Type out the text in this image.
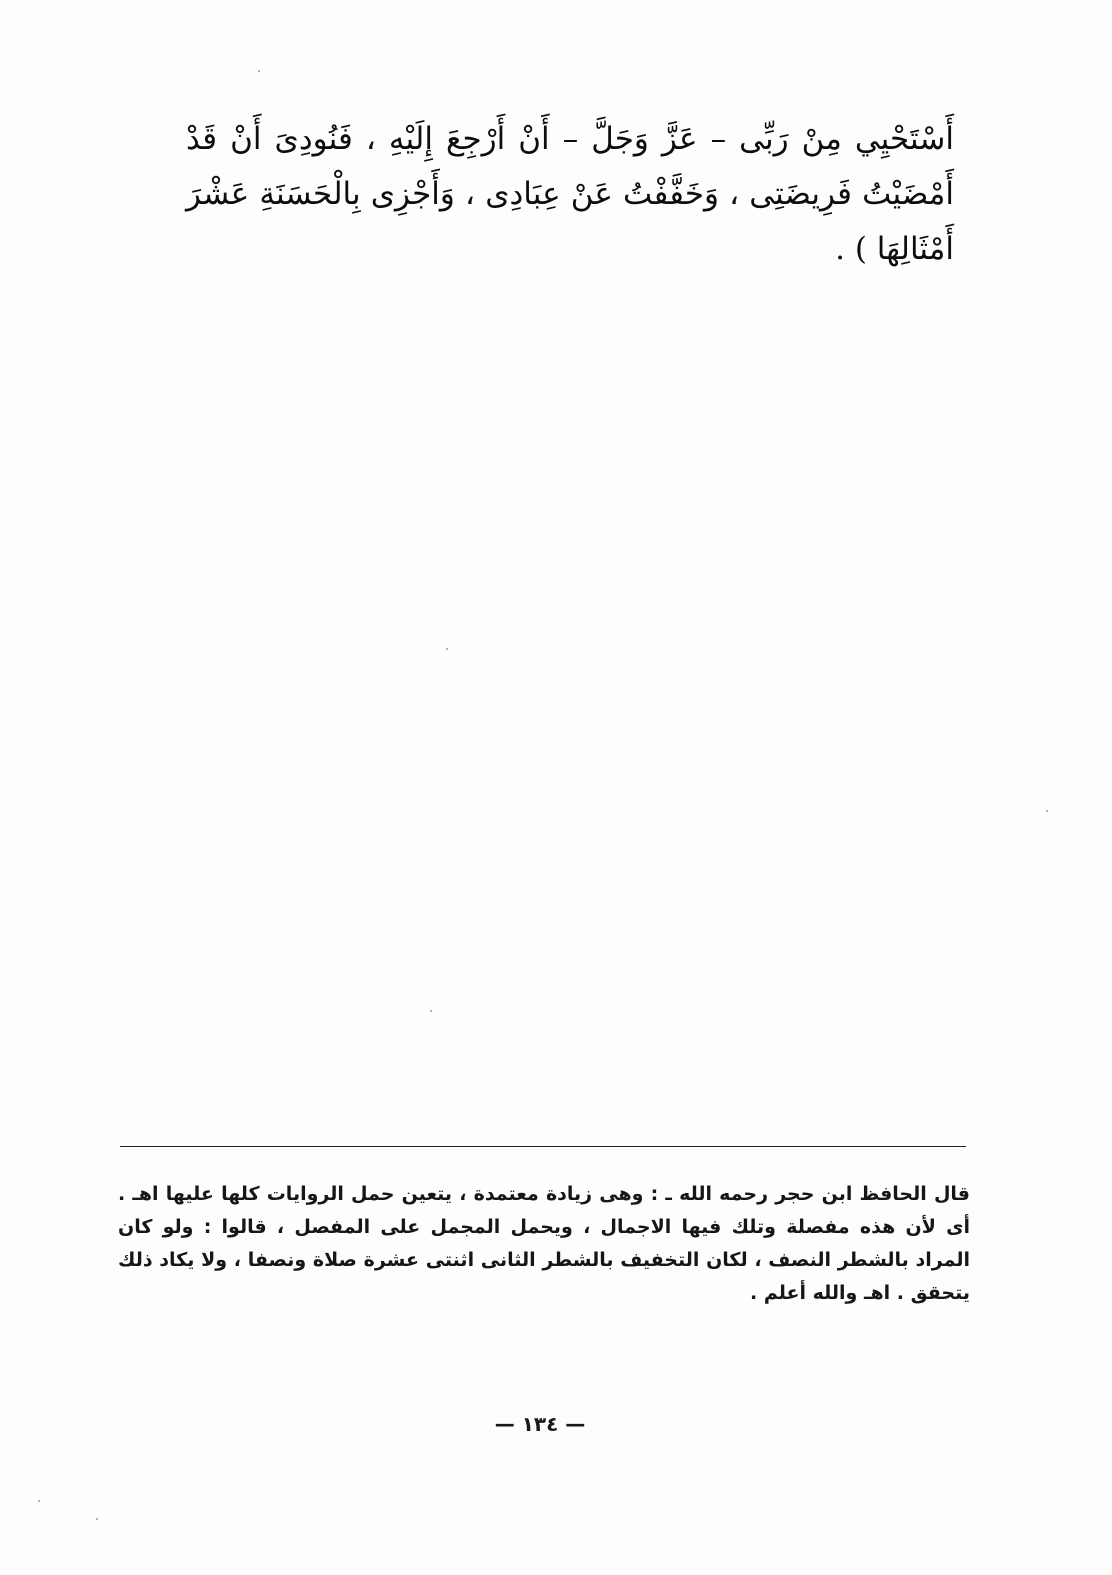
أَسْتَحْيِي مِنْ رَبِّى – عَزَّ وَجَلَّ – أَنْ أَرْجِعَ إِلَيْهِ ، فَنُودِىَ أَنْ قَدْ أَمْضَيْتُ فَرِيضَتِى ، وَخَفَّفْتُ عَنْ عِبَادِى ، وَأَجْزِى بِالْحَسَنَةِ عَشْرَ أَمْثَالِهَا ) .

قال الحافظ ابن حجر رحمه الله ـ : وهى زيادة معتمدة ، يتعين حمل الروايات كلها عليها اهـ . أى لأن هذه مفصلة وتلك فيها الاجمال ، ويحمل المجمل على المفصل ، قالوا : ولو كان المراد بالشطر النصف ، لكان التخفيف بالشطر الثانى اثنتى عشرة صلاة ونصفا ، ولا يكاد ذلك يتحقق . اهـ والله أعلم .

— ١٣٤ —
